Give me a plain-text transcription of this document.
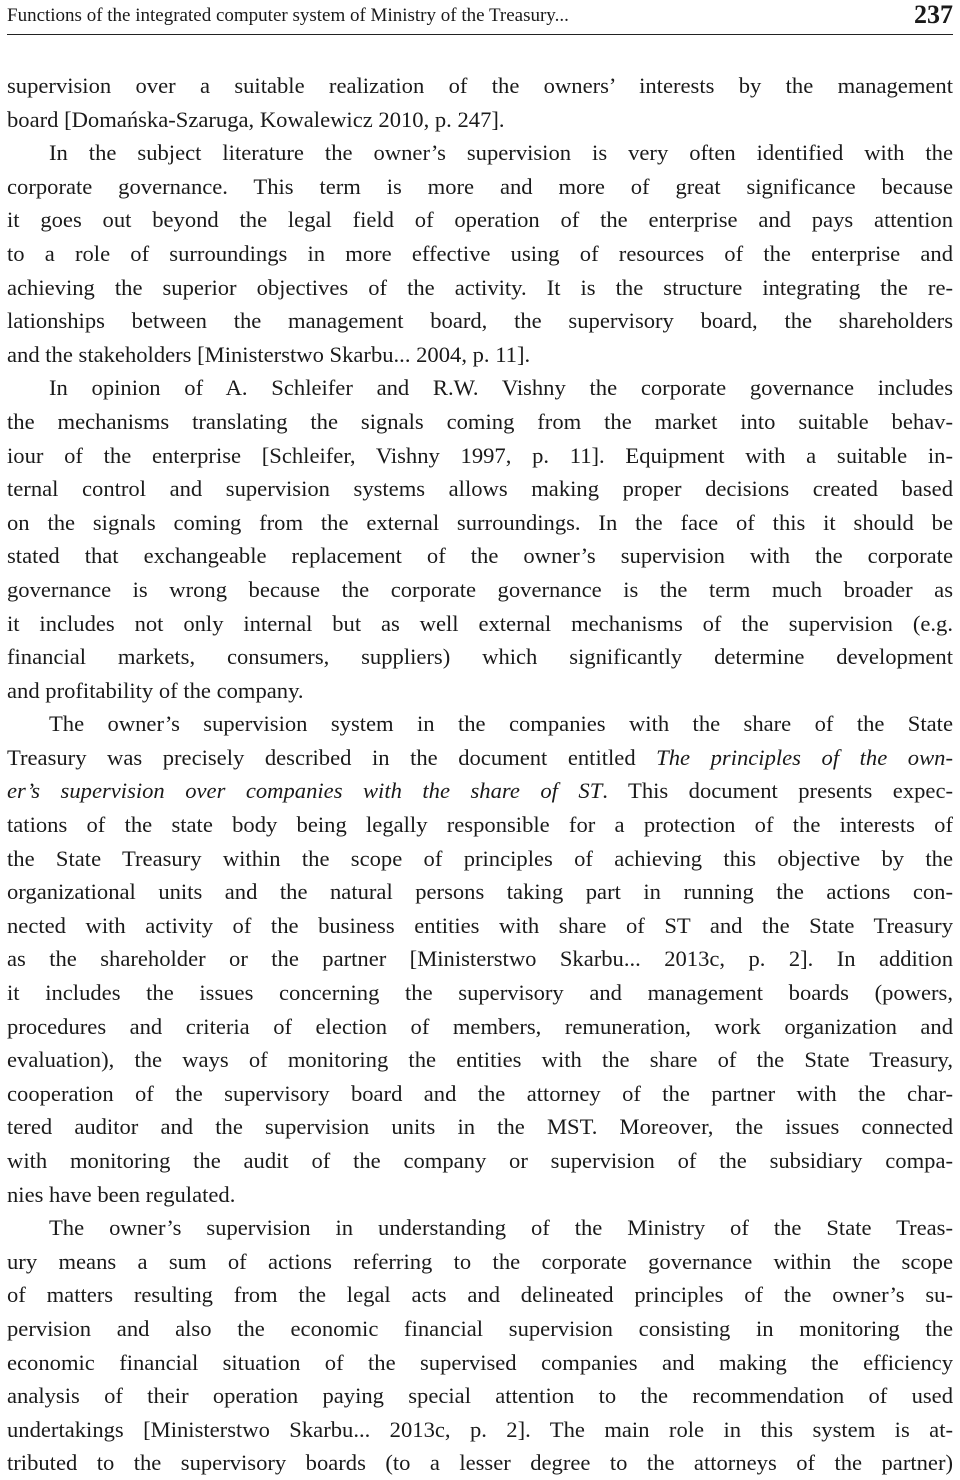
Functions of the integrated computer system of Ministry of the Treasury...	237
supervision over a suitable realization of the owners’ interests by the management
board [Domańska-Szaruga, Kowalewicz 2010, p. 247].
In the subject literature the owner’s supervision is very often identified with the
corporate governance. This term is more and more of great significance because
it goes out beyond the legal field of operation of the enterprise and pays attention
to a role of surroundings in more effective using of resources of the enterprise and
achieving the superior objectives of the activity. It is the structure integrating the re-
lationships between the management board, the supervisory board, the shareholders
and the stakeholders [Ministerstwo Skarbu... 2004, p. 11].
In opinion of A. Schleifer and R.W. Vishny the corporate governance includes
the mechanisms translating the signals coming from the market into suitable behav-
iour of the enterprise [Schleifer, Vishny 1997, p. 11]. Equipment with a suitable in-
ternal control and supervision systems allows making proper decisions created based
on the signals coming from the external surroundings. In the face of this it should be
stated that exchangeable replacement of the owner’s supervision with the corporate
governance is wrong because the corporate governance is the term much broader as
it includes not only internal but as well external mechanisms of the supervision (e.g.
financial markets, consumers, suppliers) which significantly determine development
and profitability of the company.
The owner’s supervision system in the companies with the share of the State
Treasury was precisely described in the document entitled The principles of the own-
er’s supervision over companies with the share of ST. This document presents expec-
tations of the state body being legally responsible for a protection of the interests of
the State Treasury within the scope of principles of achieving this objective by the
organizational units and the natural persons taking part in running the actions con-
nected with activity of the business entities with share of ST and the State Treasury
as the shareholder or the partner [Ministerstwo Skarbu... 2013c, p. 2]. In addition
it includes the issues concerning the supervisory and management boards (powers,
procedures and criteria of election of members, remuneration, work organization and
evaluation), the ways of monitoring the entities with the share of the State Treasury,
cooperation of the supervisory board and the attorney of the partner with the char-
tered auditor and the supervision units in the MST. Moreover, the issues connected
with monitoring the audit of the company or supervision of the subsidiary compa-
nies have been regulated.
The owner’s supervision in understanding of the Ministry of the State Treas-
ury means a sum of actions referring to the corporate governance within the scope
of matters resulting from the legal acts and delineated principles of the owner’s su-
pervision and also the economic financial supervision consisting in monitoring the
economic financial situation of the supervised companies and making the efficiency
analysis of their operation paying special attention to the recommendation of used
undertakings [Ministerstwo Skarbu... 2013c, p. 2]. The main role in this system is at-
tributed to the supervisory boards (to a lesser degree to the attorneys of the partner)
